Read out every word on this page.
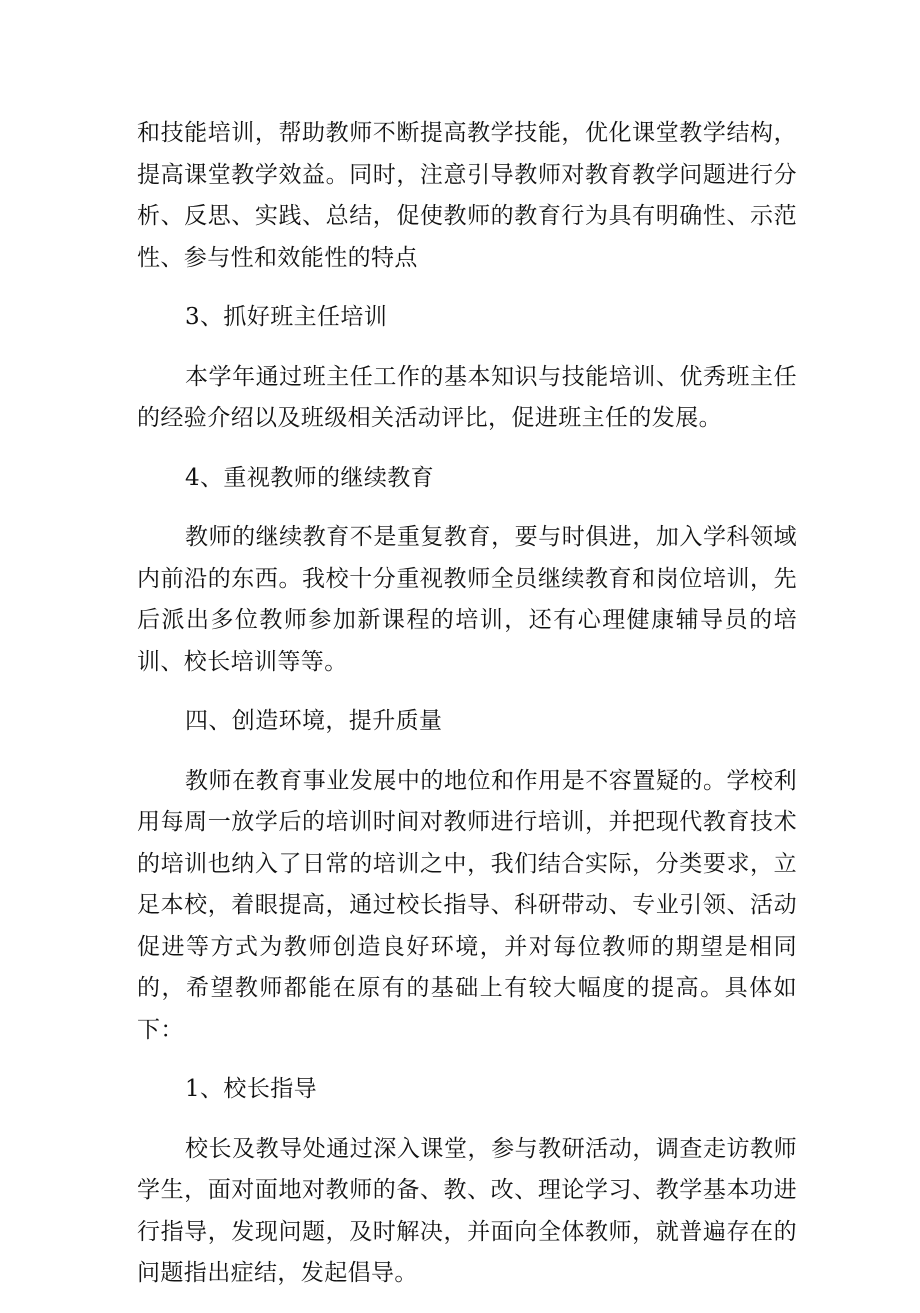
和技能培训，帮助教师不断提高教学技能，优化课堂教学结构，提高课堂教学效益。同时，注意引导教师对教育教学问题进行分析、反思、实践、总结，促使教师的教育行为具有明确性、示范性、参与性和效能性的特点

3、抓好班主任培训

本学年通过班主任工作的基本知识与技能培训、优秀班主任的经验介绍以及班级相关活动评比，促进班主任的发展。

4、重视教师的继续教育

教师的继续教育不是重复教育，要与时俱进，加入学科领域内前沿的东西。我校十分重视教师全员继续教育和岗位培训，先后派出多位教师参加新课程的培训，还有心理健康辅导员的培训、校长培训等等。

四、创造环境，提升质量

教师在教育事业发展中的地位和作用是不容置疑的。学校利用每周一放学后的培训时间对教师进行培训，并把现代教育技术的培训也纳入了日常的培训之中，我们结合实际，分类要求，立足本校，着眼提高，通过校长指导、科研带动、专业引领、活动促进等方式为教师创造良好环境，并对每位教师的期望是相同的，希望教师都能在原有的基础上有较大幅度的提高。具体如下：

1、校长指导

校长及教导处通过深入课堂，参与教研活动，调查走访教师学生，面对面地对教师的备、教、改、理论学习、教学基本功进行指导，发现问题，及时解决，并面向全体教师，就普遍存在的问题指出症结，发起倡导。
